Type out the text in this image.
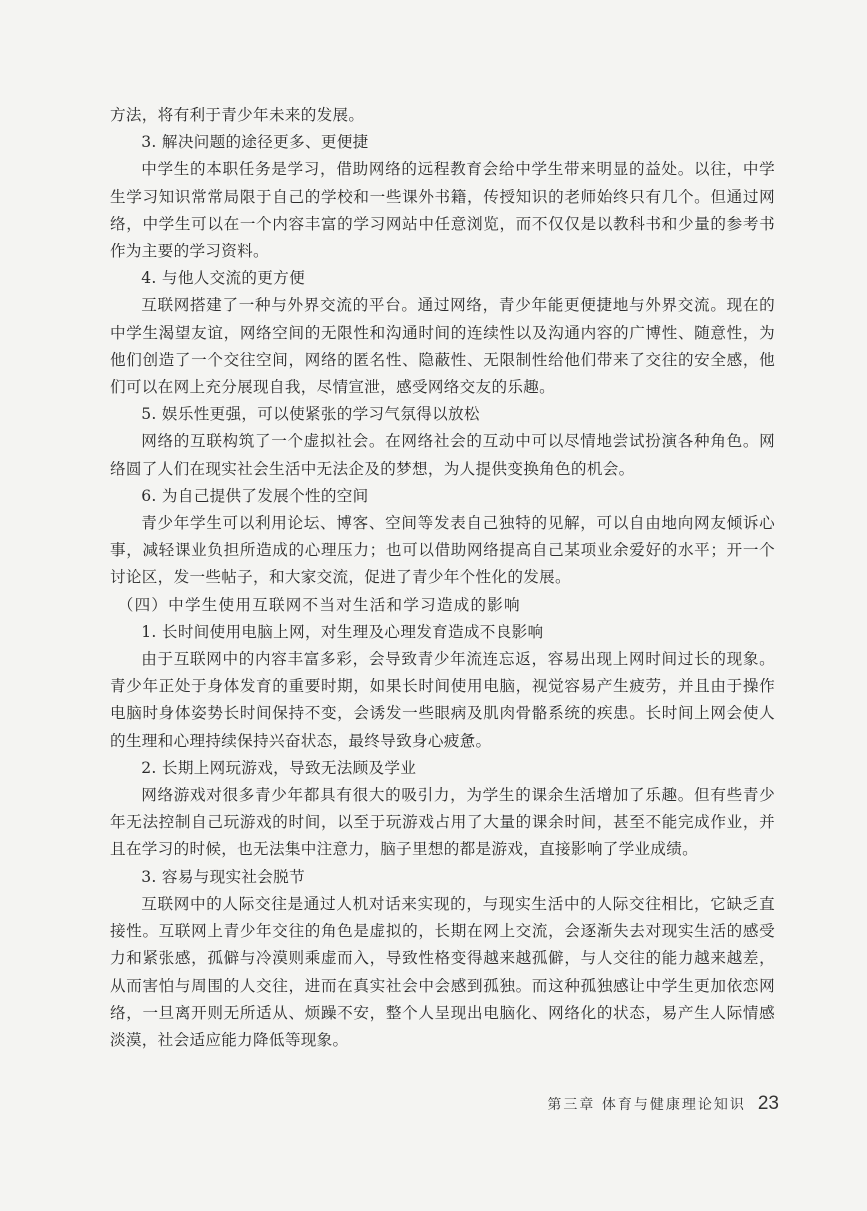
方法，将有利于青少年未来的发展。

3. 解决问题的途径更多、更便捷

中学生的本职任务是学习，借助网络的远程教育会给中学生带来明显的益处。以往，中学生学习知识常常局限于自己的学校和一些课外书籍，传授知识的老师始终只有几个。但通过网络，中学生可以在一个内容丰富的学习网站中任意浏览，而不仅仅是以教科书和少量的参考书作为主要的学习资料。

4. 与他人交流的更方便

互联网搭建了一种与外界交流的平台。通过网络，青少年能更便捷地与外界交流。现在的中学生渴望友谊，网络空间的无限性和沟通时间的连续性以及沟通内容的广博性、随意性，为他们创造了一个交往空间，网络的匿名性、隐蔽性、无限制性给他们带来了交往的安全感，他们可以在网上充分展现自我，尽情宣泄，感受网络交友的乐趣。

5. 娱乐性更强，可以使紧张的学习气氛得以放松

网络的互联构筑了一个虚拟社会。在网络社会的互动中可以尽情地尝试扮演各种角色。网络圆了人们在现实社会生活中无法企及的梦想，为人提供变换角色的机会。

6. 为自己提供了发展个性的空间

青少年学生可以利用论坛、博客、空间等发表自己独特的见解，可以自由地向网友倾诉心事，减轻课业负担所造成的心理压力；也可以借助网络提高自己某项业余爱好的水平；开一个讨论区，发一些帖子，和大家交流，促进了青少年个性化的发展。

（四）中学生使用互联网不当对生活和学习造成的影响

1. 长时间使用电脑上网，对生理及心理发育造成不良影响

由于互联网中的内容丰富多彩，会导致青少年流连忘返，容易出现上网时间过长的现象。青少年正处于身体发育的重要时期，如果长时间使用电脑，视觉容易产生疲劳，并且由于操作电脑时身体姿势长时间保持不变，会诱发一些眼病及肌肉骨骼系统的疾患。长时间上网会使人的生理和心理持续保持兴奋状态，最终导致身心疲惫。

2. 长期上网玩游戏，导致无法顾及学业

网络游戏对很多青少年都具有很大的吸引力，为学生的课余生活增加了乐趣。但有些青少年无法控制自己玩游戏的时间，以至于玩游戏占用了大量的课余时间，甚至不能完成作业，并且在学习的时候，也无法集中注意力，脑子里想的都是游戏，直接影响了学业成绩。

3. 容易与现实社会脱节

互联网中的人际交往是通过人机对话来实现的，与现实生活中的人际交往相比，它缺乏直接性。互联网上青少年交往的角色是虚拟的，长期在网上交流，会逐渐失去对现实生活的感受力和紧张感，孤僻与冷漠则乘虚而入，导致性格变得越来越孤僻，与人交往的能力越来越差，从而害怕与周围的人交往，进而在真实社会中会感到孤独。而这种孤独感让中学生更加依恋网络，一旦离开则无所适从、烦躁不安，整个人呈现出电脑化、网络化的状态，易产生人际情感淡漠，社会适应能力降低等现象。

第三章 体育与健康理论知识 23
